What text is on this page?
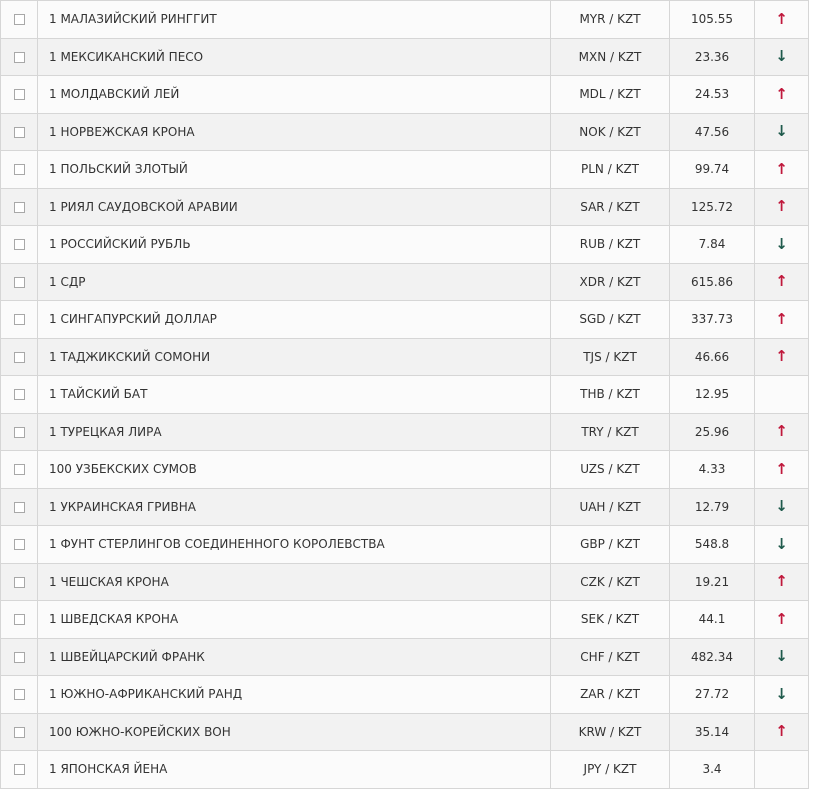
	1 МАЛАЗИЙСКИЙ РИНГГИТ	MYR / KZT	105.55	↑
	1 МЕКСИКАНСКИЙ ПЕСО	MXN / KZT	23.36	↓
	1 МОЛДАВСКИЙ ЛЕЙ	MDL / KZT	24.53	↑
	1 НОРВЕЖСКАЯ КРОНА	NOK / KZT	47.56	↓
	1 ПОЛЬСКИЙ ЗЛОТЫЙ	PLN / KZT	99.74	↑
	1 РИЯЛ САУДОВСКОЙ АРАВИИ	SAR / KZT	125.72	↑
	1 РОССИЙСКИЙ РУБЛЬ	RUB / KZT	7.84	↓
	1 СДР	XDR / KZT	615.86	↑
	1 СИНГАПУРСКИЙ ДОЛЛАР	SGD / KZT	337.73	↑
	1 ТАДЖИКСКИЙ СОМОНИ	TJS / KZT	46.66	↑
	1 ТАЙСКИЙ БАТ	THB / KZT	12.95	
	1 ТУРЕЦКАЯ ЛИРА	TRY / KZT	25.96	↑
	100 УЗБЕКСКИХ СУМОВ	UZS / KZT	4.33	↑
	1 УКРАИНСКАЯ ГРИВНА	UAH / KZT	12.79	↓
	1 ФУНТ СТЕРЛИНГОВ СОЕДИНЕННОГО КОРОЛЕВСТВА	GBP / KZT	548.8	↓
	1 ЧЕШСКАЯ КРОНА	CZK / KZT	19.21	↑
	1 ШВЕДСКАЯ КРОНА	SEK / KZT	44.1	↑
	1 ШВЕЙЦАРСКИЙ ФРАНК	CHF / KZT	482.34	↓
	1 ЮЖНО-АФРИКАНСКИЙ РАНД	ZAR / KZT	27.72	↓
	100 ЮЖНО-КОРЕЙСКИХ ВОН	KRW / KZT	35.14	↑
	1 ЯПОНСКАЯ ЙЕНА	JPY / KZT	3.4	
